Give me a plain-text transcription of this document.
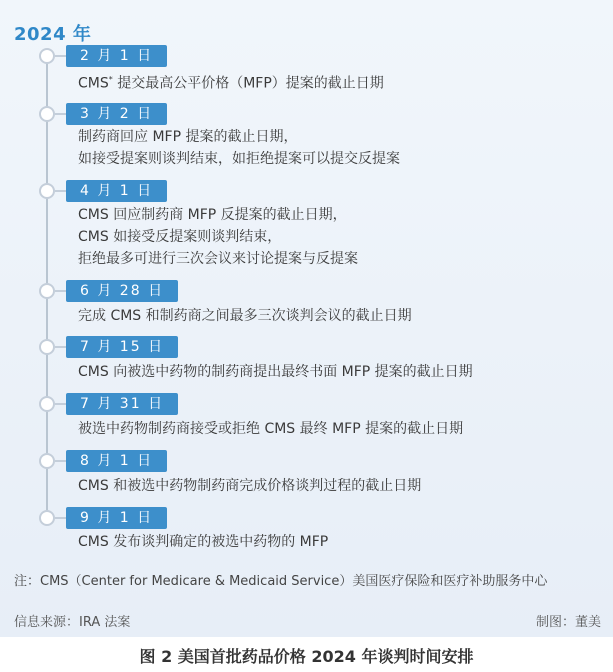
2024 年
2 月 1 日
CMS* 提交最高公平价格（MFP）提案的截止日期
3 月 2 日
制药商回应 MFP 提案的截止日期，
如接受提案则谈判结束，如拒绝提案可以提交反提案
4 月 1 日
CMS 回应制药商 MFP 反提案的截止日期，
CMS 如接受反提案则谈判结束，
拒绝最多可进行三次会议来讨论提案与反提案
6 月 28 日
完成 CMS 和制药商之间最多三次谈判会议的截止日期
7 月 15 日
CMS 向被选中药物的制药商提出最终书面 MFP 提案的截止日期
7 月 31 日
被选中药物制药商接受或拒绝 CMS 最终 MFP 提案的截止日期
8 月 1 日
CMS 和被选中药物制药商完成价格谈判过程的截止日期
9 月 1 日
CMS 发布谈判确定的被选中药物的 MFP
注：CMS（Center for Medicare & Medicaid Service）美国医疗保险和医疗补助服务中心
信息来源：IRA 法案	制图：董美
图 2 美国首批药品价格 2024 年谈判时间安排
